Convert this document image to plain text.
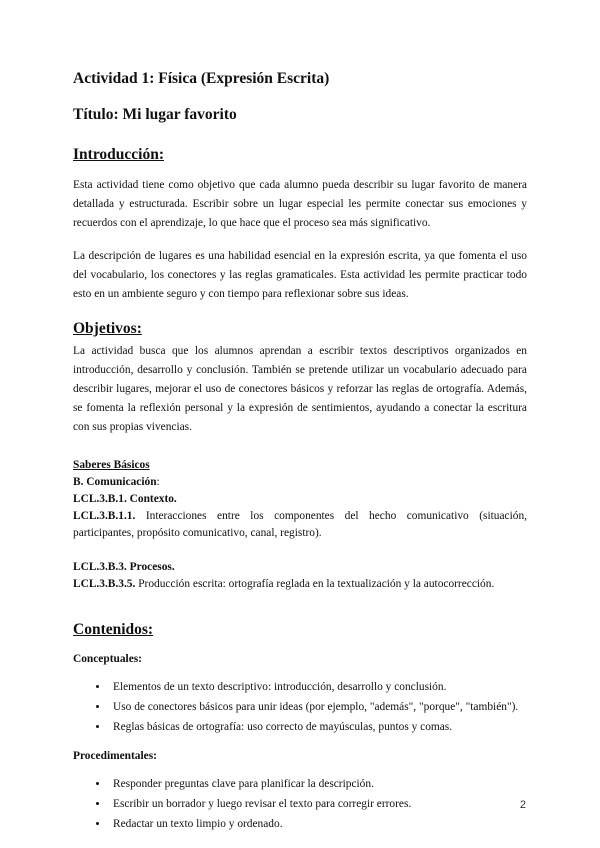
Actividad 1: Física (Expresión Escrita)
Título: Mi lugar favorito
Introducción:

Esta actividad tiene como objetivo que cada alumno pueda describir su lugar favorito de manera detallada y estructurada. Escribir sobre un lugar especial les permite conectar sus emociones y recuerdos con el aprendizaje, lo que hace que el proceso sea más significativo.

La descripción de lugares es una habilidad esencial en la expresión escrita, ya que fomenta el uso del vocabulario, los conectores y las reglas gramaticales. Esta actividad les permite practicar todo esto en un ambiente seguro y con tiempo para reflexionar sobre sus ideas.

Objetivos:

La actividad busca que los alumnos aprendan a escribir textos descriptivos organizados en introducción, desarrollo y conclusión. También se pretende utilizar un vocabulario adecuado para describir lugares, mejorar el uso de conectores básicos y reforzar las reglas de ortografía. Además, se fomenta la reflexión personal y la expresión de sentimientos, ayudando a conectar la escritura con sus propias vivencias.

Saberes Básicos
B. Comunicación:
LCL.3.B.1. Contexto.
LCL.3.B.1.1. Interacciones entre los componentes del hecho comunicativo (situación, participantes, propósito comunicativo, canal, registro).
LCL.3.B.3. Procesos.
LCL.3.B.3.5. Producción escrita: ortografía reglada en la textualización y la autocorrección.
Contenidos:
Conceptuales:
• Elementos de un texto descriptivo: introducción, desarrollo y conclusión.
• Uso de conectores básicos para unir ideas (por ejemplo, "además", "porque", "también").
• Reglas básicas de ortografía: uso correcto de mayúsculas, puntos y comas.
Procedimentales:
• Responder preguntas clave para planificar la descripción.
• Escribir un borrador y luego revisar el texto para corregir errores.
• Redactar un texto limpio y ordenado.
2
